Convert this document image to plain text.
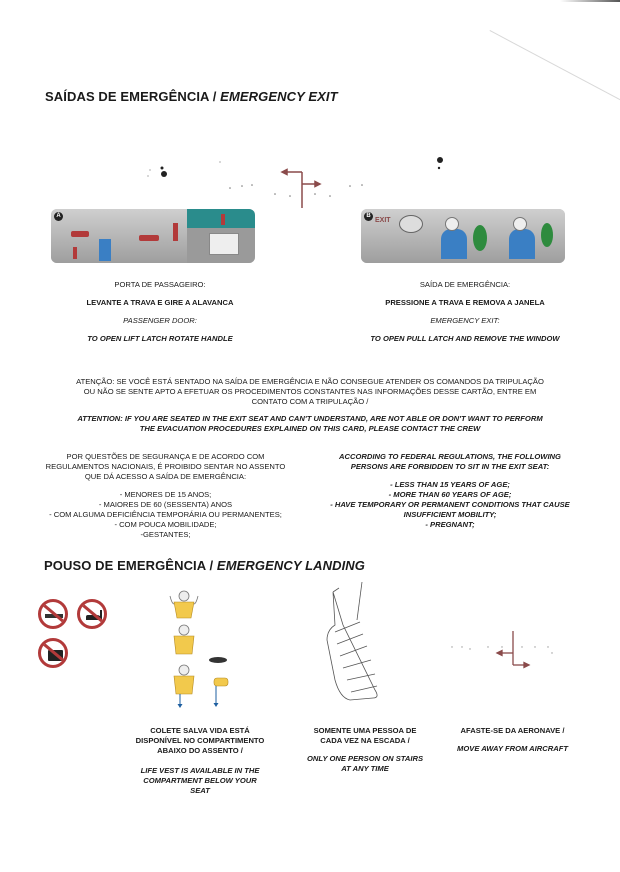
SAÍDAS DE EMERGÊNCIA / EMERGENCY EXIT
A
EXIT
B
PORTA DE PASSAGEIRO:
LEVANTE A TRAVA E GIRE A ALAVANCA
PASSENGER DOOR:
TO OPEN LIFT LATCH ROTATE HANDLE
SAÍDA DE EMERGÊNCIA:
PRESSIONE A TRAVA E REMOVA A JANELA
EMERGENCY EXIT:
TO OPEN PULL LATCH AND REMOVE THE WINDOW
ATENÇÃO: SE VOCÊ ESTÁ SENTADO NA SAÍDA DE EMERGÊNCIA E NÃO CONSEGUE ATENDER OS COMANDOS DA TRIPULAÇÃO
OU NÃO SE SENTE APTO A EFETUAR OS PROCEDIMENTOS CONSTANTES NAS INFORMAÇÕES DESSE CARTÃO, ENTRE EM
CONTATO COM A TRIPULAÇÃO /
ATTENTION: IF YOU ARE SEATED IN THE EXIT SEAT AND CAN'T UNDERSTAND, ARE NOT ABLE OR DON'T WANT TO PERFORM
THE EVACUATION PROCEDURES EXPLAINED ON THIS CARD, PLEASE CONTACT THE CREW
POR QUESTÕES DE SEGURANÇA E DE ACORDO COM
REGULAMENTOS NACIONAIS, É PROIBIDO SENTAR NO ASSENTO
QUE DÁ ACESSO A SAÍDA DE EMERGÊNCIA:
- MENORES DE 15 ANOS;
- MAIORES DE 60 (SESSENTA) ANOS
- COM ALGUMA DEFICIÊNCIA TEMPORÁRIA OU PERMANENTES;
- COM POUCA MOBILIDADE;
-GESTANTES;
ACCORDING TO FEDERAL REGULATIONS, THE FOLLOWING
PERSONS ARE FORBIDDEN TO SIT IN THE EXIT SEAT:
- LESS THAN 15 YEARS OF AGE;
- MORE THAN 60 YEARS OF AGE;
- HAVE TEMPORARY OR PERMANENT CONDITIONS THAT CAUSE
INSUFFICIENT MOBILITY;
- PREGNANT;
POUSO DE EMERGÊNCIA / EMERGENCY LANDING
COLETE SALVA VIDA ESTÁ
DISPONÍVEL NO COMPARTIMENTO
ABAIXO DO ASSENTO /
LIFE VEST IS AVAILABLE IN THE
COMPARTMENT BELOW YOUR
SEAT
SOMENTE UMA PESSOA DE
CADA VEZ NA ESCADA /
ONLY ONE PERSON ON STAIRS
AT ANY TIME
AFASTE-SE DA AERONAVE /
MOVE AWAY FROM AIRCRAFT
